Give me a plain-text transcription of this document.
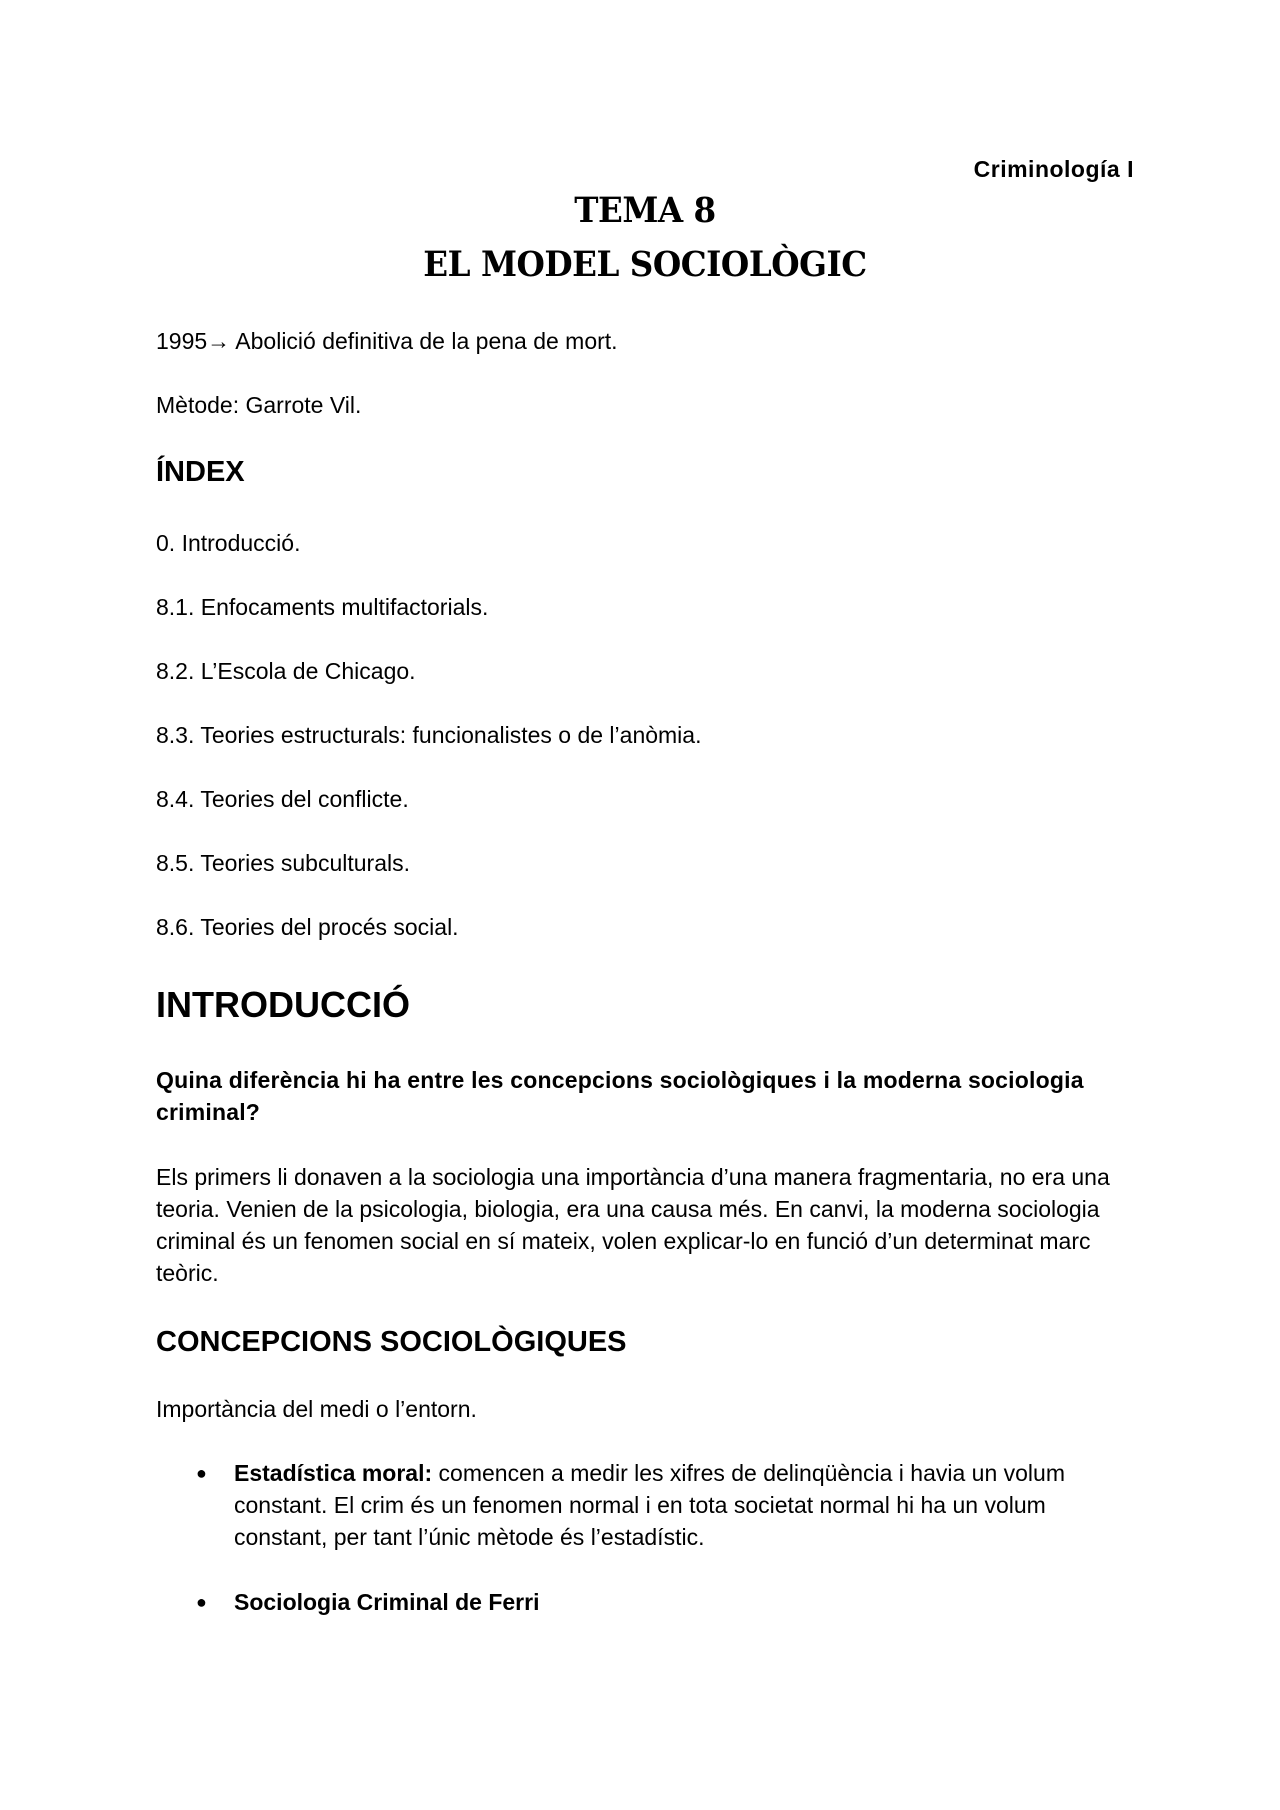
Criminología I
TEMA 8
EL MODEL SOCIOLÒGIC
1995→ Abolició definitiva de la pena de mort.
Mètode: Garrote Vil.
ÍNDEX
0. Introducció.
8.1. Enfocaments multifactorials.
8.2. L’Escola de Chicago.
8.3. Teories estructurals: funcionalistes o de l’anòmia.
8.4. Teories del conflicte.
8.5. Teories subculturals.
8.6. Teories del procés social.
INTRODUCCIÓ
Quina diferència hi ha entre les concepcions sociològiques i la moderna sociologia criminal?
Els primers li donaven a la sociologia una importància d’una manera fragmentaria, no era una teoria. Venien de la psicologia, biologia, era una causa més. En canvi, la moderna sociologia criminal és un fenomen social en sí mateix, volen explicar-lo en funció d’un determinat marc teòric.
CONCEPCIONS SOCIOLÒGIQUES
Importància del medi o l’entorn.
● Estadística moral: comencen a medir les xifres de delinqüència i havia un volum constant. El crim és un fenomen normal i en tota societat normal hi ha un volum constant, per tant l’únic mètode és l’estadístic.
● Sociologia Criminal de Ferri
